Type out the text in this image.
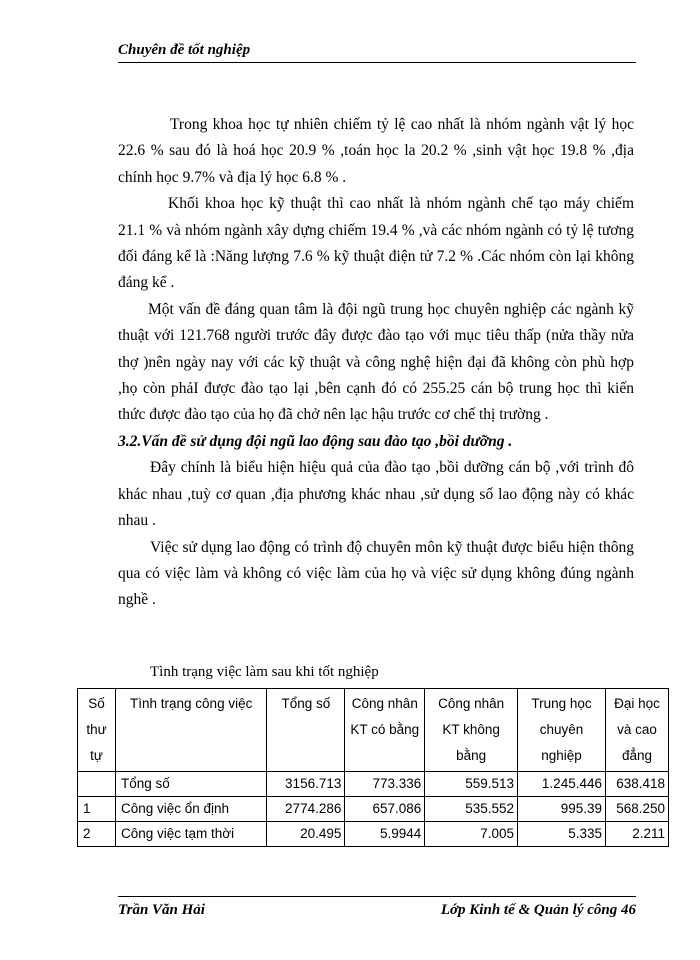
Chuyên đề tốt nghiệp

Trong khoa học tự nhiên chiếm tỷ lệ cao nhất là nhóm ngành vật lý học 22.6 % sau đó là hoá học 20.9 % ,toán học la 20.2 % ,sinh vật học 19.8 % ,địa chính học 9.7% và địa lý học 6.8 % .

Khối khoa học kỹ thuật thì cao nhất là nhóm ngành chế tạo máy chiếm 21.1 % và nhóm ngành xây dựng chiếm 19.4 % ,và các nhóm ngành có tỷ lệ tương đối đáng kể là :Năng lượng 7.6 % kỹ thuật điện tử 7.2 % .Các nhóm còn lại không đáng kể .

Một vấn đề đáng quan tâm là đội ngũ trung học chuyên nghiệp các ngành kỹ thuật với 121.768 người trước đây được đào tạo với mục tiêu thấp (nửa thầy nửa thợ )nên ngày nay với các kỹ thuật và công nghệ hiện đại đã không còn phù hợp ,họ còn phảI được đào tạo lại ,bên cạnh đó có 255.25 cán bộ trung học thì kiến thức được đào tạo của họ đã chở nên lạc hậu trước cơ chế thị trường .

3.2.Vấn đề sử dụng đội ngũ lao động sau đào tạo ,bồi dưỡng .

Đây chính là biểu hiện hiệu quả của đào tạo ,bồi dưỡng cán bộ ,với trình đô khác nhau ,tuỳ cơ quan ,địa phương khác nhau ,sử dụng số lao động này có khác nhau .

Việc sử dụng lao động có trình độ chuyên môn kỹ thuật được biểu hiện thông qua có việc làm và không có việc làm của họ và việc sử dụng không đúng ngành nghề .

Tình trạng việc làm sau khi tốt nghiệp
Số thư tự	Tình trạng công việc	Tổng số	Công nhân KT có bằng	Công nhân KT không bằng	Trung học chuyên nghiệp	Đại học và cao đẳng
	Tổng số	3156.713	773.336	559.513	1.245.446	638.418
1	Công việc ổn định	2774.286	657.086	535.552	995.39	568.250
2	Công việc tạm thời	20.495	5.9944	7.005	5.335	2.211
Trần Văn Hải	Lớp Kinh tế & Quản lý công 46
